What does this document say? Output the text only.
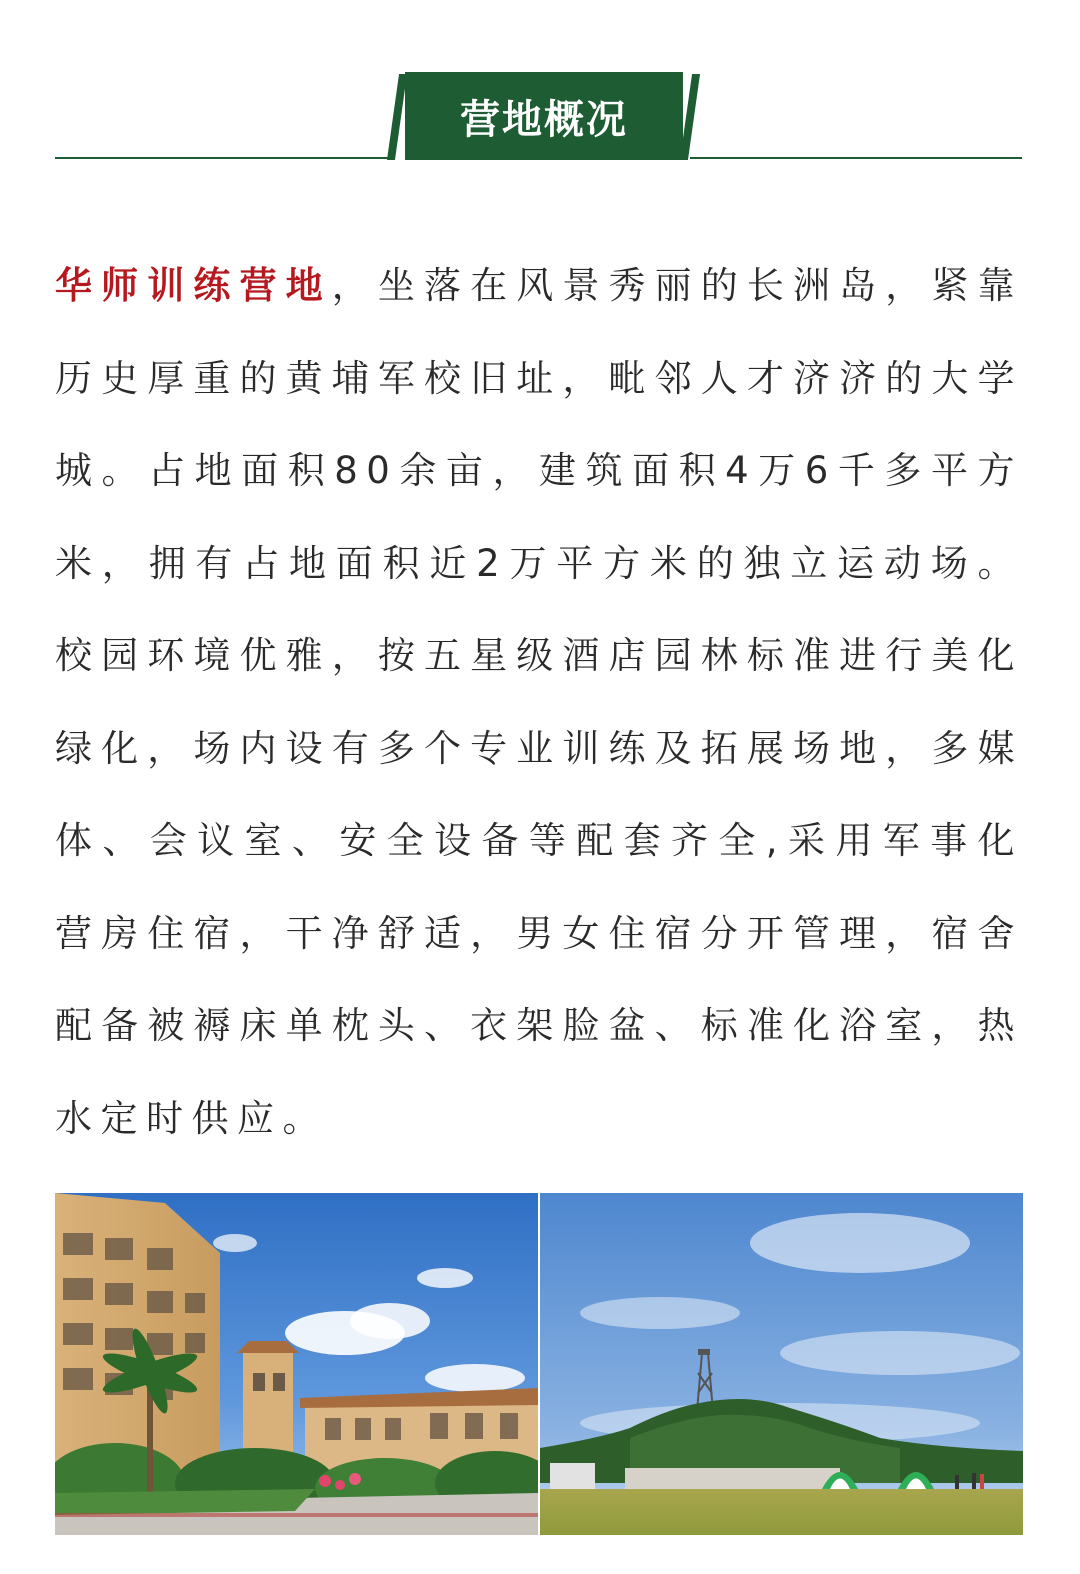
营地概况
华师训练营地，坐落在风景秀丽的长洲岛，紧靠历史厚重的黄埔军校旧址，毗邻人才济济的大学城。占地面积80余亩，建筑面积4万6千多平方米，拥有占地面积近2万平方米的独立运动场。校园环境优雅，按五星级酒店园林标准进行美化绿化，场内设有多个专业训练及拓展场地，多媒体、会议室、安全设备等配套齐全,采用军事化营房住宿，干净舒适，男女住宿分开管理，宿舍配备被褥床单枕头、衣架脸盆、标准化浴室，热水定时供应。
